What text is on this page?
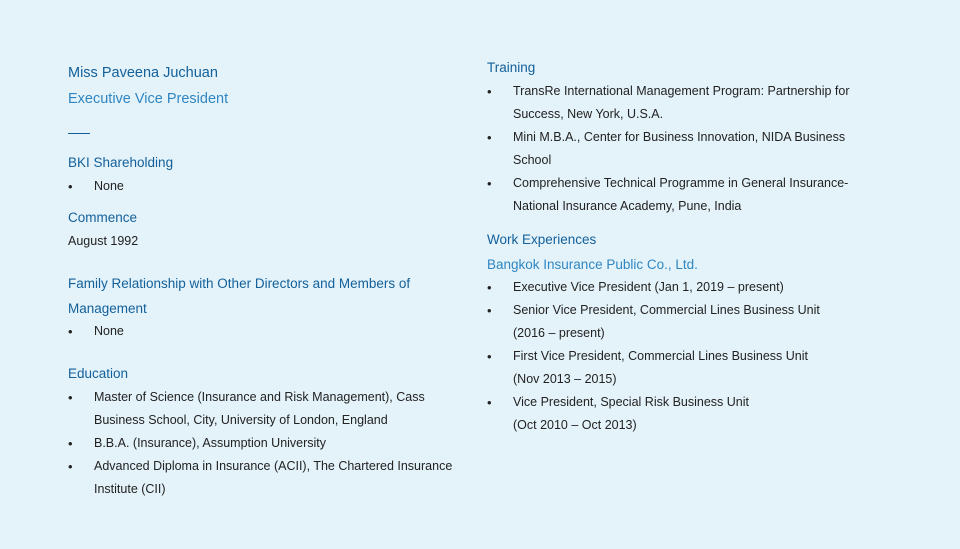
Miss Paveena Juchuan
Executive Vice President
BKI Shareholding
• None
Commence
August 1992
Family Relationship with Other Directors and Members of
Management
• None
Education
• Master of Science (Insurance and Risk Management), Cass
Business School, City, University of London, England
• B.B.A. (Insurance), Assumption University
• Advanced Diploma in Insurance (ACII), The Chartered Insurance
Institute (CII)
Training
• TransRe International Management Program: Partnership for
Success, New York, U.S.A.
• Mini M.B.A., Center for Business Innovation, NIDA Business
School
• Comprehensive Technical Programme in General Insurance-
National Insurance Academy, Pune, India
Work Experiences
Bangkok Insurance Public Co., Ltd.
• Executive Vice President (Jan 1, 2019 – present)
• Senior Vice President, Commercial Lines Business Unit
(2016 – present)
• First Vice President, Commercial Lines Business Unit
(Nov 2013 – 2015)
• Vice President, Special Risk Business Unit
(Oct 2010 – Oct 2013)
